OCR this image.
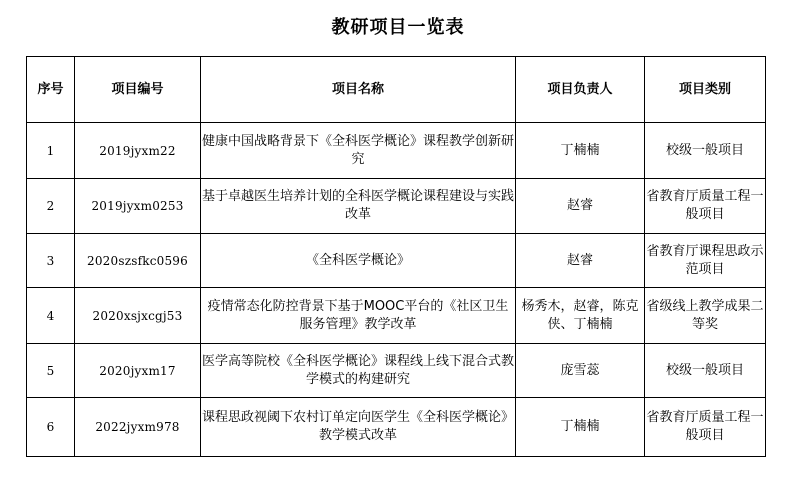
教研项目一览表
序号	项目编号	项目名称	项目负责人	项目类别
1	2019jyxm22	健康中国战略背景下《全科医学概论》课程教学创新研究	丁楠楠	校级一般项目
2	2019jyxm0253	基于卓越医生培养计划的全科医学概论课程建设与实践改革	赵睿	省教育厅质量工程一般项目
3	2020szsfkc0596	《全科医学概论》	赵睿	省教育厅课程思政示范项目
4	2020xsjxcgj53	疫情常态化防控背景下基于MOOC平台的《社区卫生服务管理》教学改革	杨秀木，赵睿，陈克侠、丁楠楠	省级线上教学成果二等奖
5	2020jyxm17	医学高等院校《全科医学概论》课程线上线下混合式教学模式的构建研究	庞雪蕊	校级一般项目
6	2022jyxm978	课程思政视阈下农村订单定向医学生《全科医学概论》教学模式改革	丁楠楠	省教育厅质量工程一般项目
